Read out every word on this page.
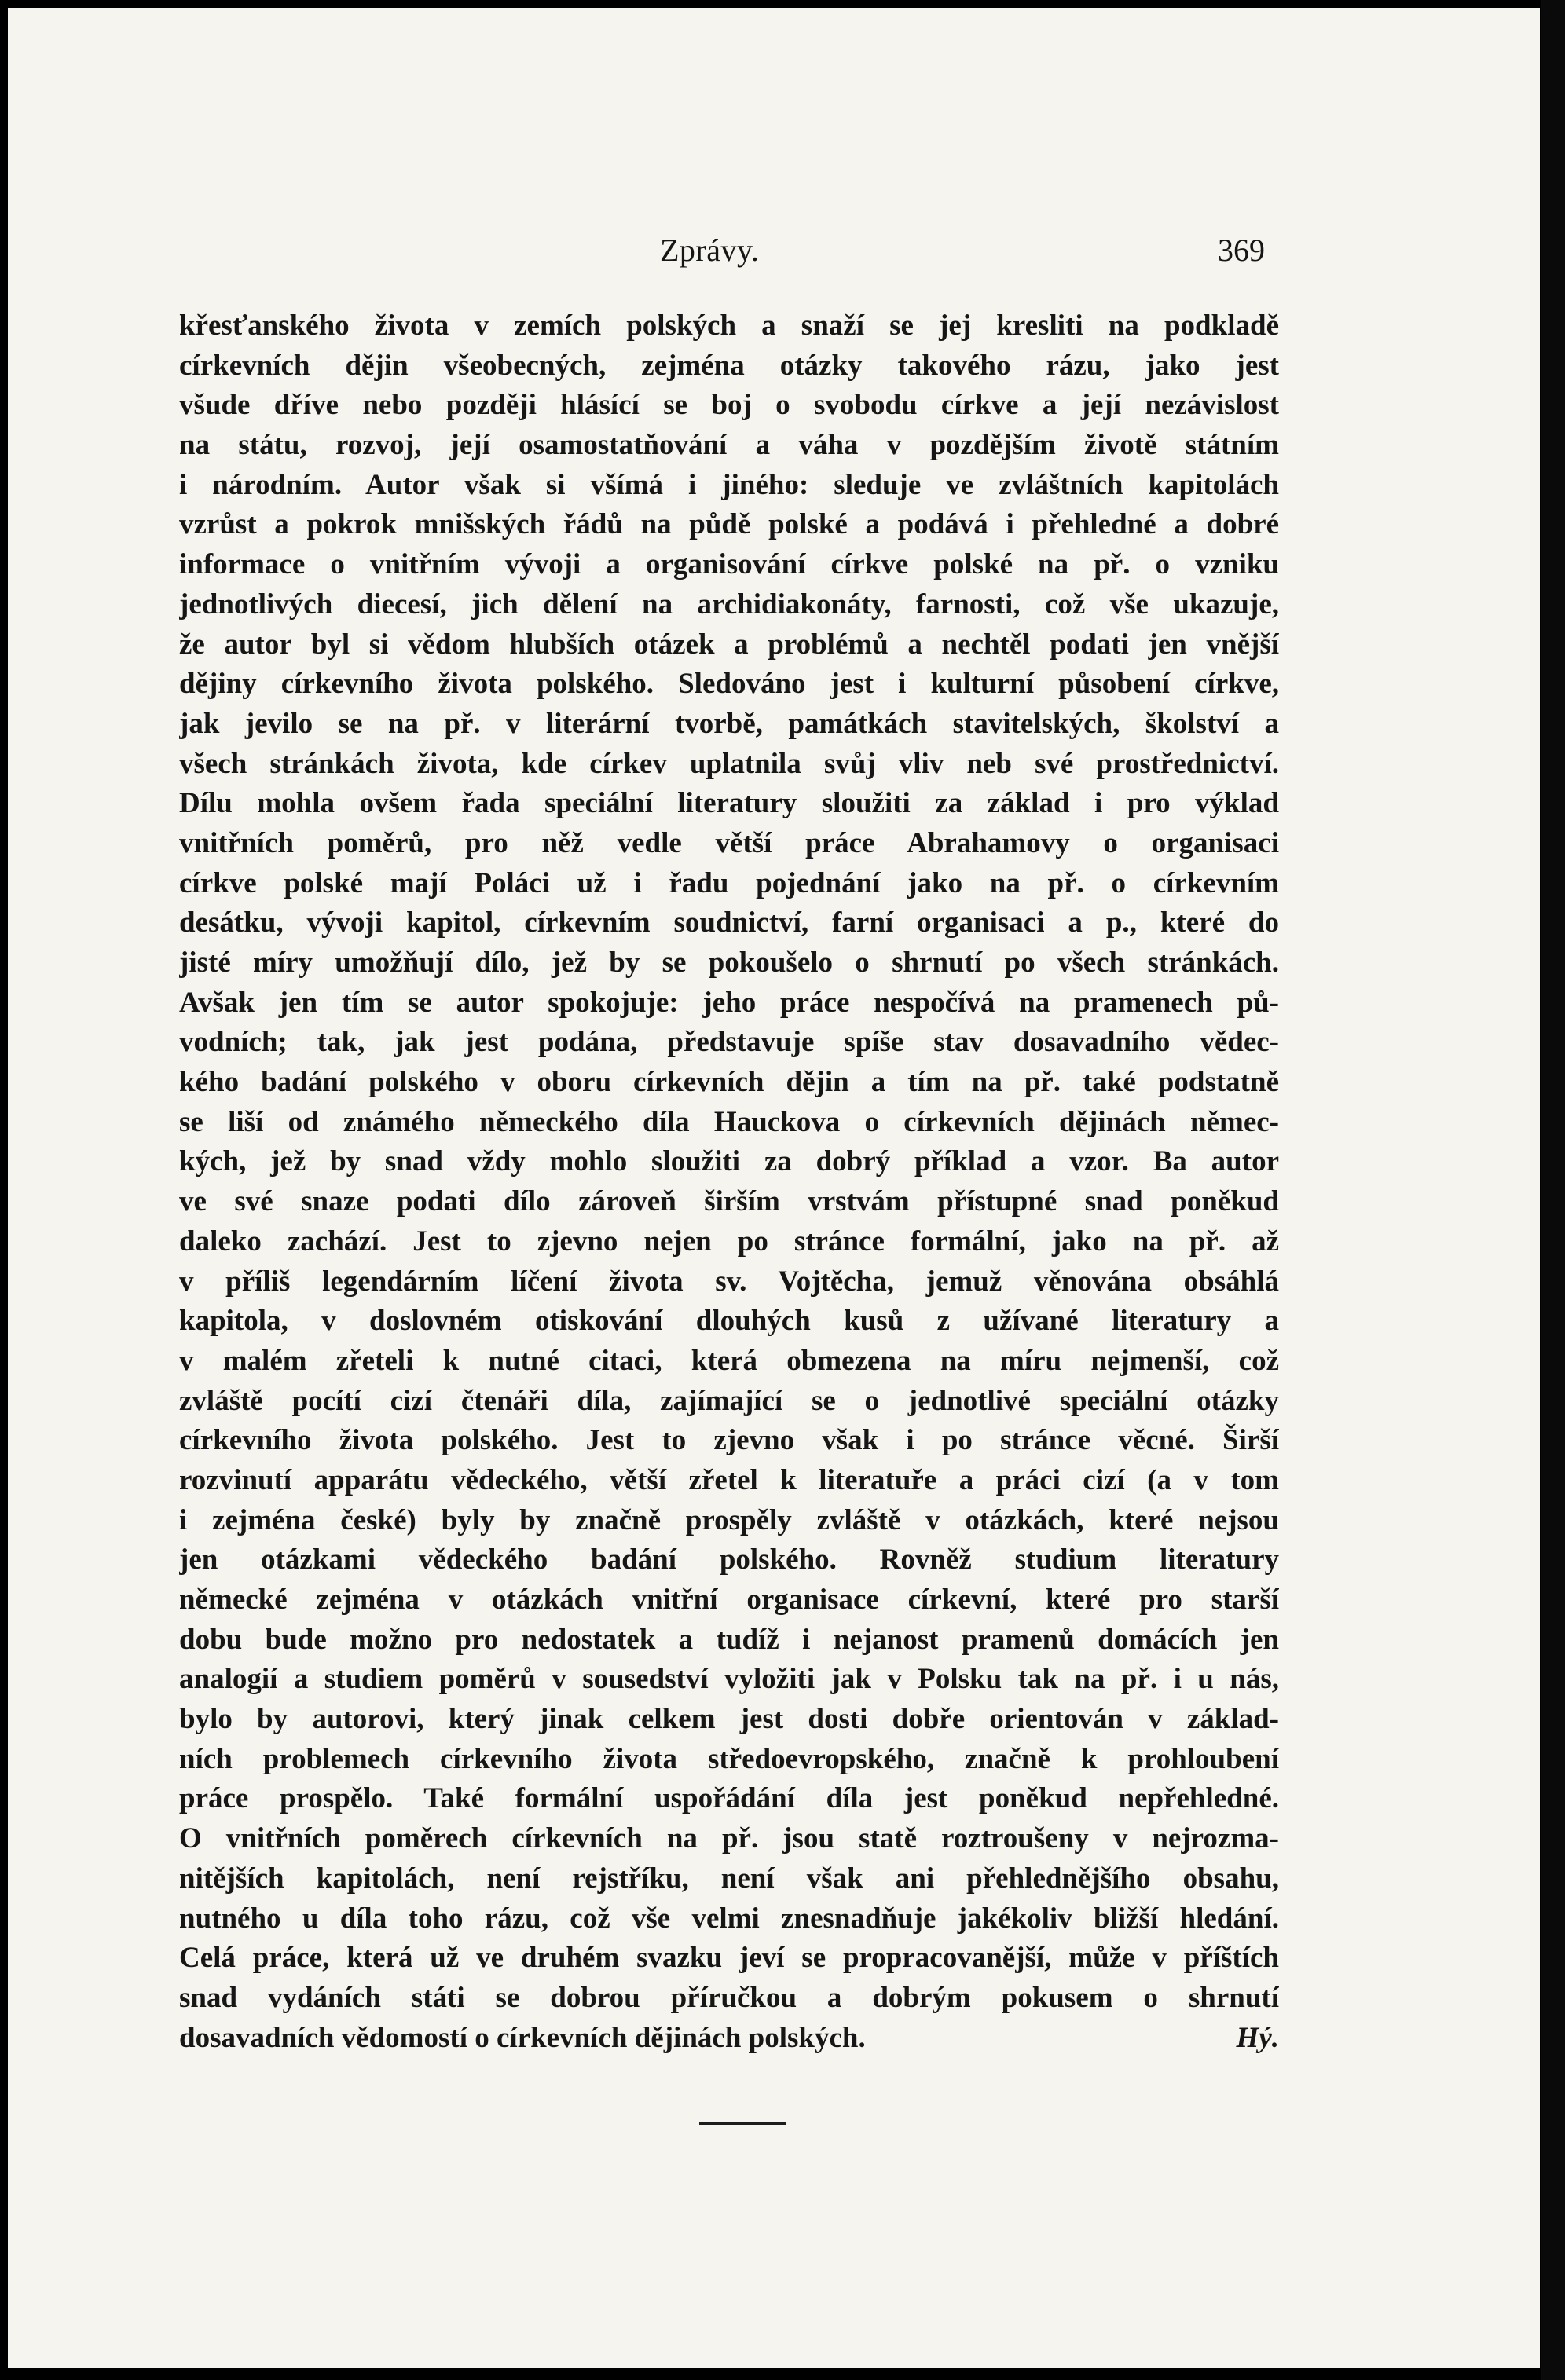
Zprávy.	369
křesťanského života v zemích polských a snaží se jej kresliti na podkladě
církevních dějin všeobecných, zejména otázky takového rázu, jako jest
všude dříve nebo později hlásící se boj o svobodu církve a její nezávislost
na státu, rozvoj, její osamostatňování a váha v pozdějším životě státním
i národním. Autor však si všímá i jiného: sleduje ve zvláštních kapitolách
vzrůst a pokrok mnišských řádů na půdě polské a podává i přehledné a dobré
informace o vnitřním vývoji a organisování církve polské na př. o vzniku
jednotlivých diecesí, jich dělení na archidiakonáty, farnosti, což vše ukazuje,
že autor byl si vědom hlubších otázek a problémů a nechtěl podati jen vnější
dějiny církevního života polského. Sledováno jest i kulturní působení církve,
jak jevilo se na př. v literární tvorbě, památkách stavitelských, školství a
všech stránkách života, kde církev uplatnila svůj vliv neb své prostřednictví.
Dílu mohla ovšem řada speciální literatury sloužiti za základ i pro výklad
vnitřních poměrů, pro něž vedle větší práce Abrahamovy o organisaci
církve polské mají Poláci už i řadu pojednání jako na př. o církevním
desátku, vývoji kapitol, církevním soudnictví, farní organisaci a p., které do
jisté míry umožňují dílo, jež by se pokoušelo o shrnutí po všech stránkách.
Avšak jen tím se autor spokojuje: jeho práce nespočívá na pramenech pů-
vodních; tak, jak jest podána, představuje spíše stav dosavadního vědec-
kého badání polského v oboru církevních dějin a tím na př. také podstatně
se liší od známého německého díla Hauckova o církevních dějinách němec-
kých, jež by snad vždy mohlo sloužiti za dobrý příklad a vzor. Ba autor
ve své snaze podati dílo zároveň širším vrstvám přístupné snad poněkud
daleko zachází. Jest to zjevno nejen po stránce formální, jako na př. až
v příliš legendárním líčení života sv. Vojtěcha, jemuž věnována obsáhlá
kapitola, v doslovném otiskování dlouhých kusů z užívané literatury a
v malém zřeteli k nutné citaci, která obmezena na míru nejmenší, což
zvláště pocítí cizí čtenáři díla, zajímající se o jednotlivé speciální otázky
církevního života polského. Jest to zjevno však i po stránce věcné. Širší
rozvinutí apparátu vědeckého, větší zřetel k literatuře a práci cizí (a v tom
i zejména české) byly by značně prospěly zvláště v otázkách, které nejsou
jen otázkami vědeckého badání polského. Rovněž studium literatury
německé zejména v otázkách vnitřní organisace církevní, které pro starší
dobu bude možno pro nedostatek a tudíž i nejanost pramenů domácích jen
analogií a studiem poměrů v sousedství vyložiti jak v Polsku tak na př. i u nás,
bylo by autorovi, který jinak celkem jest dosti dobře orientován v základ-
ních problemech církevního života středoevropského, značně k prohloubení
práce prospělo. Také formální uspořádání díla jest poněkud nepřehledné.
O vnitřních poměrech církevních na př. jsou statě roztroušeny v nejrozma-
nitějších kapitolách, není rejstříku, není však ani přehlednějšího obsahu,
nutného u díla toho rázu, což vše velmi znesnadňuje jakékoliv bližší hledání.
Celá práce, která už ve druhém svazku jeví se propracovanější, může v příštích
snad vydáních státi se dobrou příručkou a dobrým pokusem o shrnutí
dosavadních vědomostí o církevních dějinách polských.	Hý.
